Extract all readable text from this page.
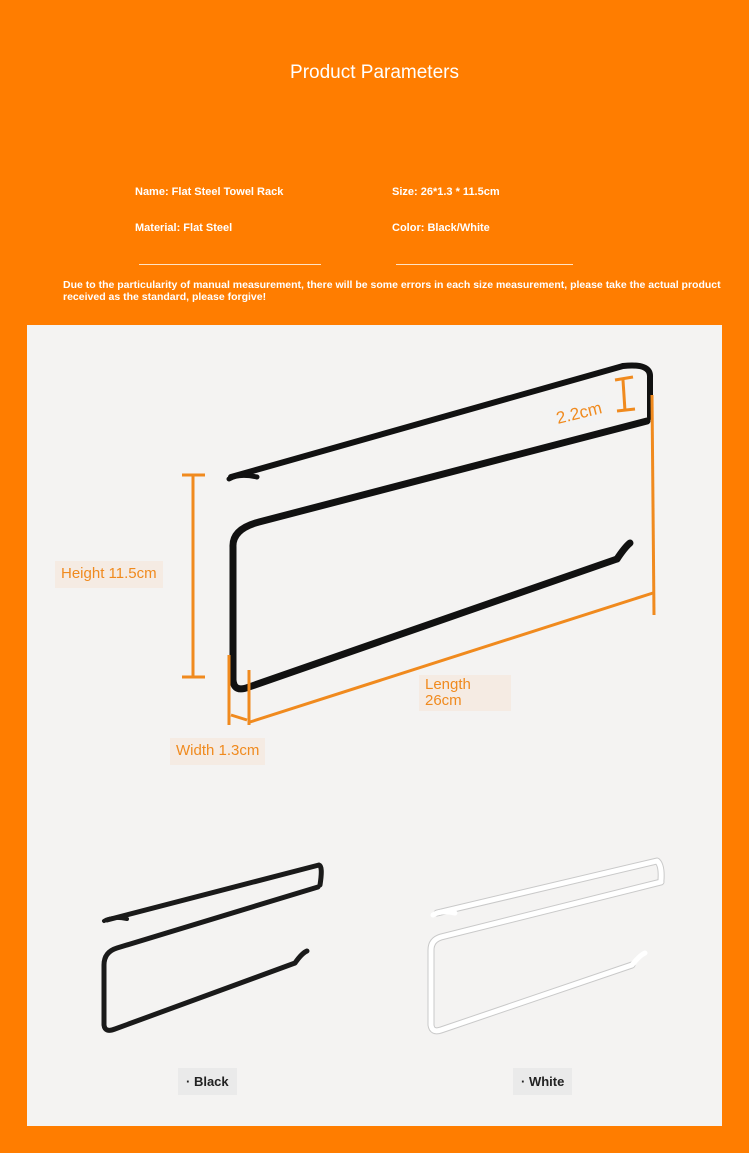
Product Parameters
Name: Flat Steel Towel Rack	Size: 26*1.3 * 11.5cm
Material: Flat Steel	Color: Black/White
Due to the particularity of manual measurement, there will be some errors in each size measurement, please take the actual product received as the standard, please forgive!
2.2cm
Height 11.5cm
Length
26cm
Width 1.3cm
· Black	· White
